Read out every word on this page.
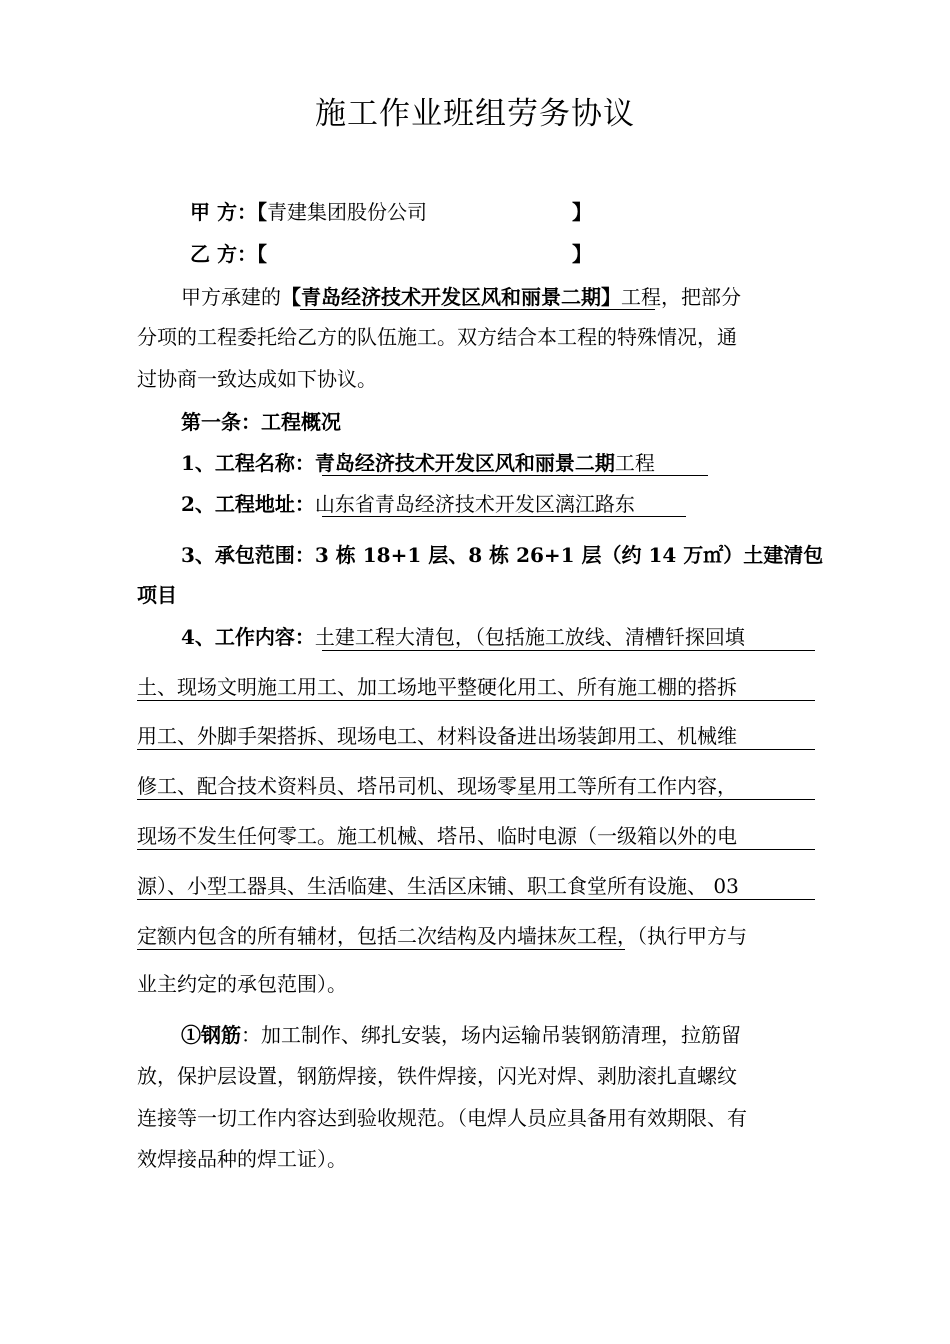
施工作业班组劳务协议
甲 方：【青建集团股份公司	】
乙 方：【	】
甲方承建的【青岛经济技术开发区风和丽景二期】工程，把部分
分项的工程委托给乙方的队伍施工。双方结合本工程的特殊情况，通
过协商一致达成如下协议。
第一条：工程概况
1、工程名称：青岛经济技术开发区风和丽景二期工程
2、工程地址：山东省青岛经济技术开发区漓江路东
3、承包范围：3 栋 18+1 层、8 栋 26+1 层（约 14 万㎡）土建清包
项目
4、工作内容：土建工程大清包，（包括施工放线、清槽钎探回填
土、现场文明施工用工、加工场地平整硬化用工、所有施工棚的搭拆
用工、外脚手架搭拆、现场电工、材料设备进出场装卸用工、机械维
修工、配合技术资料员、塔吊司机、现场零星用工等所有工作内容，
现场不发生任何零工。施工机械、塔吊、临时电源（一级箱以外的电
源）、小型工器具、生活临建、生活区床铺、职工食堂所有设施、 03
定额内包含的所有辅材，包括二次结构及内墙抹灰工程，（执行甲方与
业主约定的承包范围）。
①钢筋：加工制作、绑扎安装，场内运输吊装钢筋清理，拉筋留
放，保护层设置，钢筋焊接，铁件焊接，闪光对焊、剥肋滚扎直螺纹
连接等一切工作内容达到验收规范。（电焊人员应具备用有效期限、有
效焊接品种的焊工证）。
